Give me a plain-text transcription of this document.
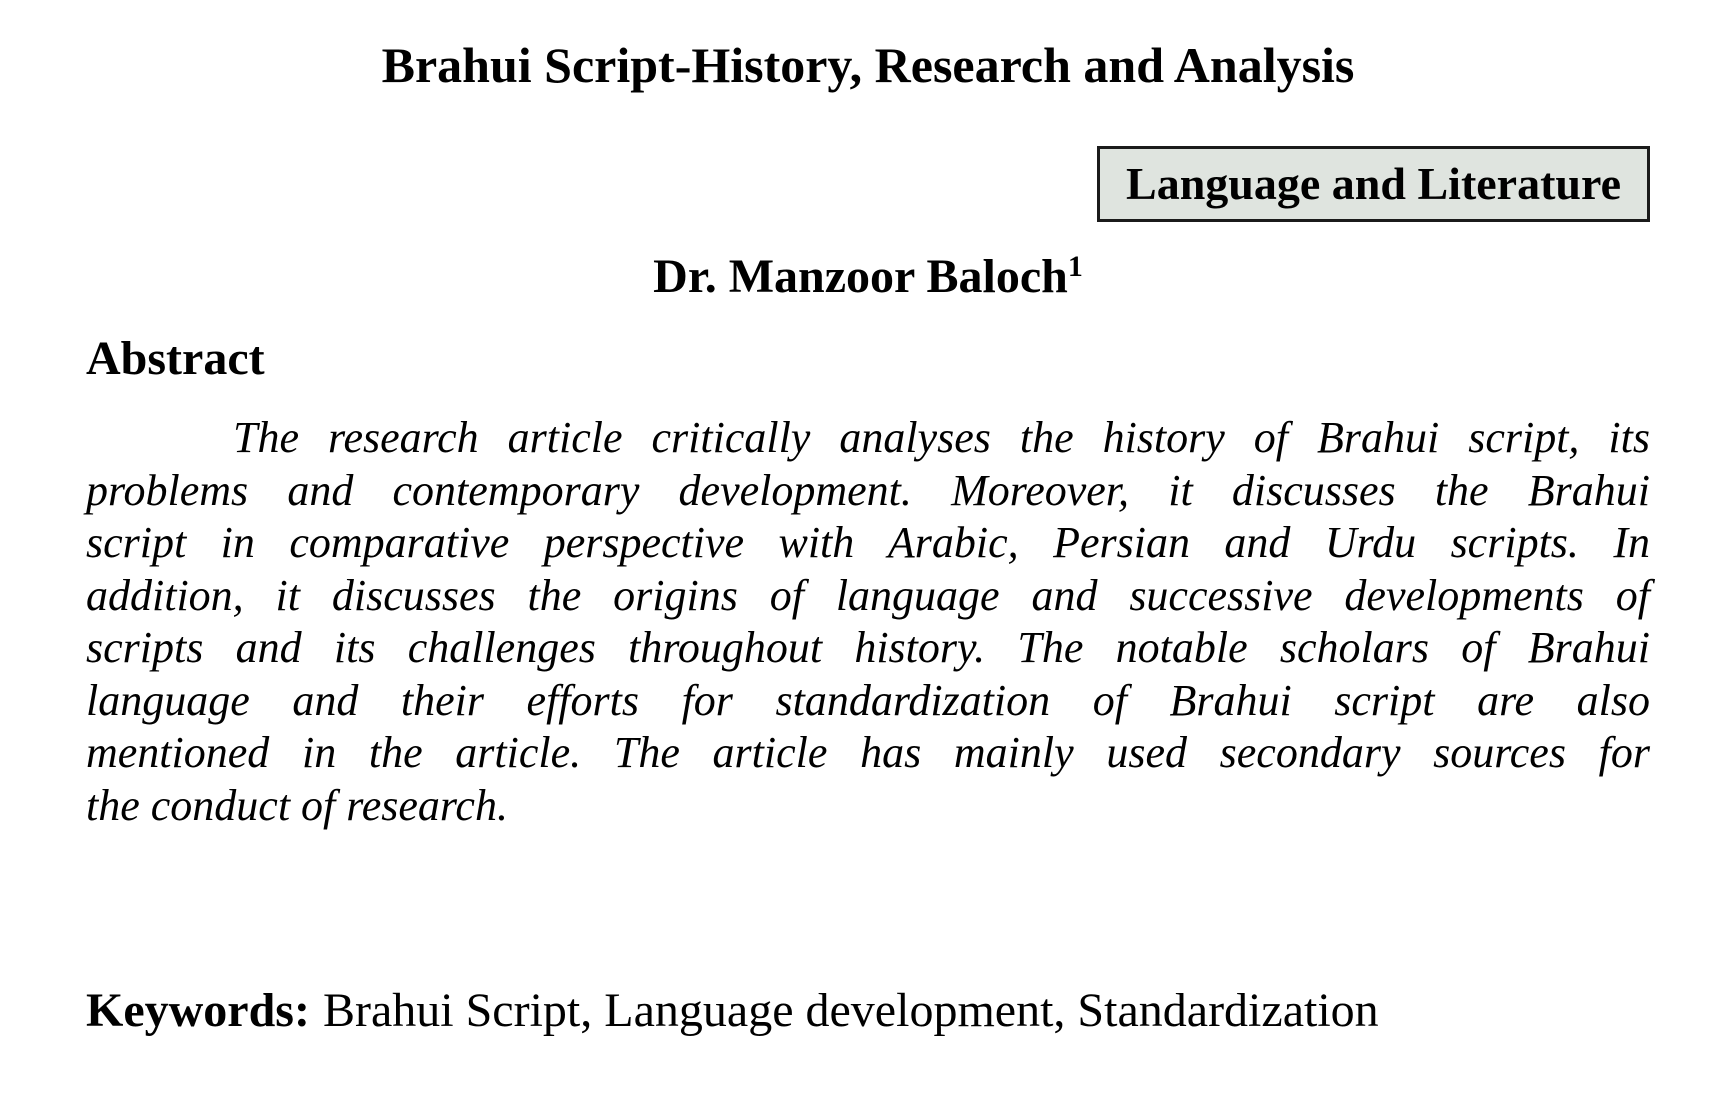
Brahui Script-History, Research and Analysis
Language and Literature
Dr. Manzoor Baloch$^1$
Abstract
The research article critically analyses the history of Brahui script, its
problems and contemporary development. Moreover, it discusses the Brahui
script in comparative perspective with Arabic, Persian and Urdu scripts. In
addition, it discusses the origins of language and successive developments of
scripts and its challenges throughout history. The notable scholars of Brahui
language and their efforts for standardization of Brahui script are also
mentioned in the article. The article has mainly used secondary sources for
the conduct of research.
Keywords: Brahui Script, Language development, Standardization
